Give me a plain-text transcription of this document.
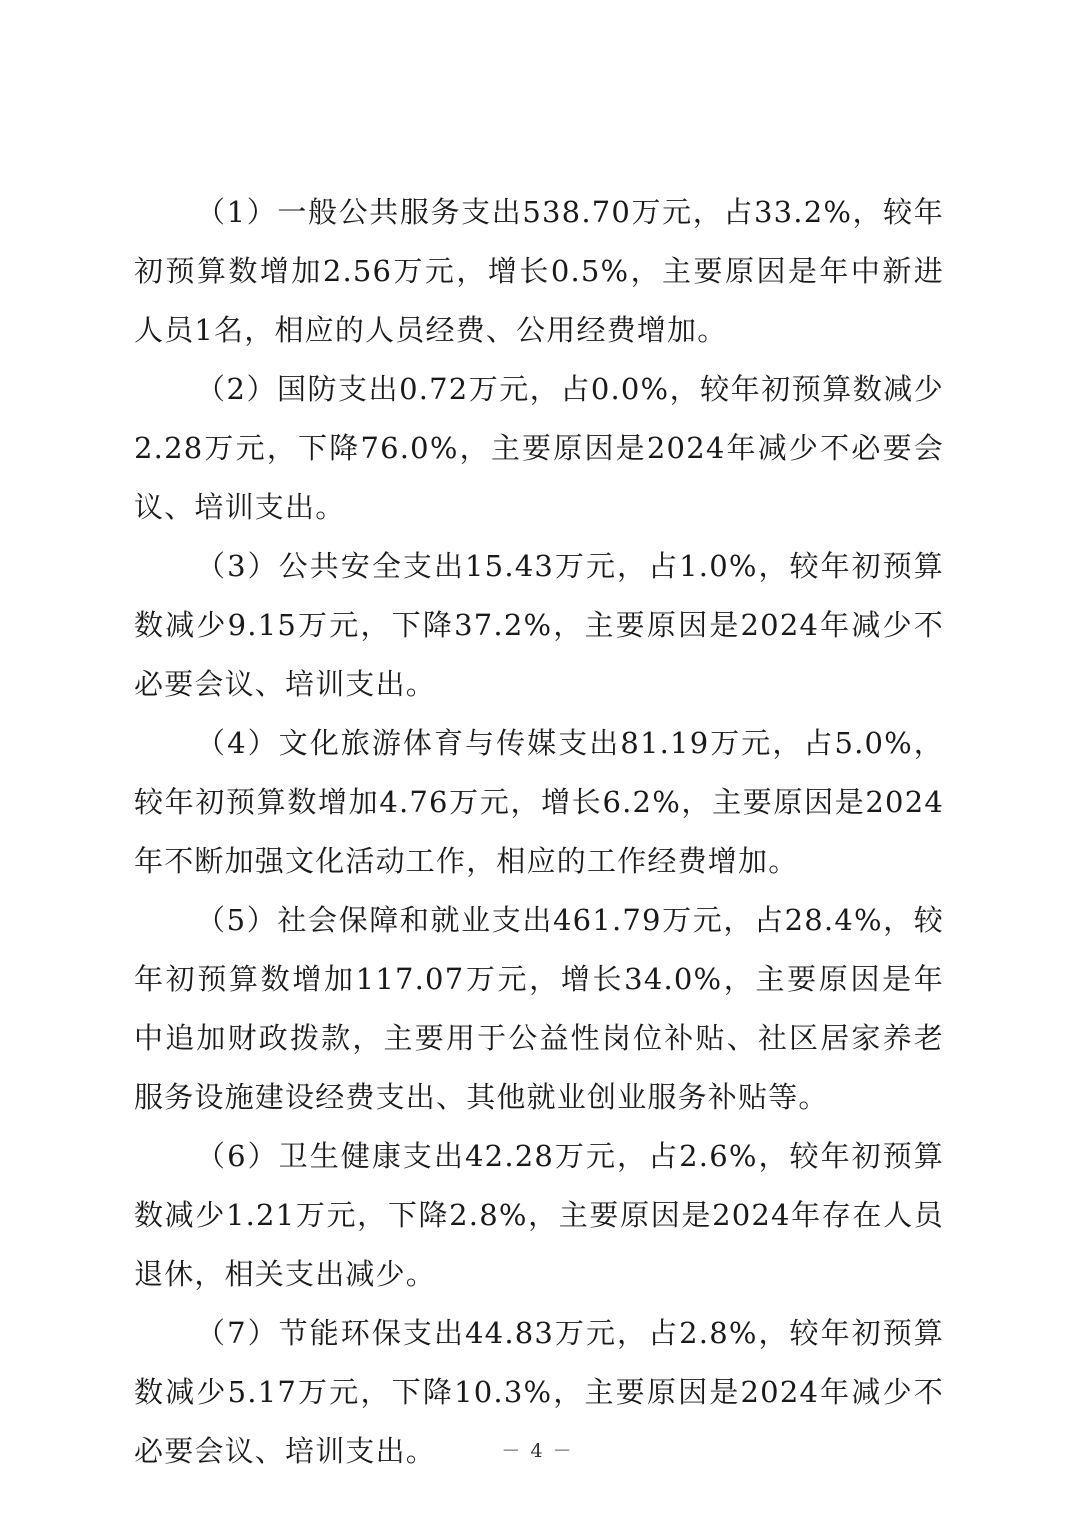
（1）一般公共服务支出538.70万元，占33.2%，较年初预算数增加2.56万元，增长0.5%，主要原因是年中新进人员1名，相应的人员经费、公用经费增加。

（2）国防支出0.72万元，占0.0%，较年初预算数减少2.28万元，下降76.0%，主要原因是2024年减少不必要会议、培训支出。

（3）公共安全支出15.43万元，占1.0%，较年初预算数减少9.15万元，下降37.2%，主要原因是2024年减少不必要会议、培训支出。

（4）文化旅游体育与传媒支出81.19万元，占5.0%，较年初预算数增加4.76万元，增长6.2%，主要原因是2024年不断加强文化活动工作，相应的工作经费增加。

（5）社会保障和就业支出461.79万元，占28.4%，较年初预算数增加117.07万元，增长34.0%，主要原因是年中追加财政拨款，主要用于公益性岗位补贴、社区居家养老服务设施建设经费支出、其他就业创业服务补贴等。

（6）卫生健康支出42.28万元，占2.6%，较年初预算数减少1.21万元，下降2.8%，主要原因是2024年存在人员退休，相关支出减少。

（7）节能环保支出44.83万元，占2.8%，较年初预算数减少5.17万元，下降10.3%，主要原因是2024年减少不必要会议、培训支出。	－ 4 －
